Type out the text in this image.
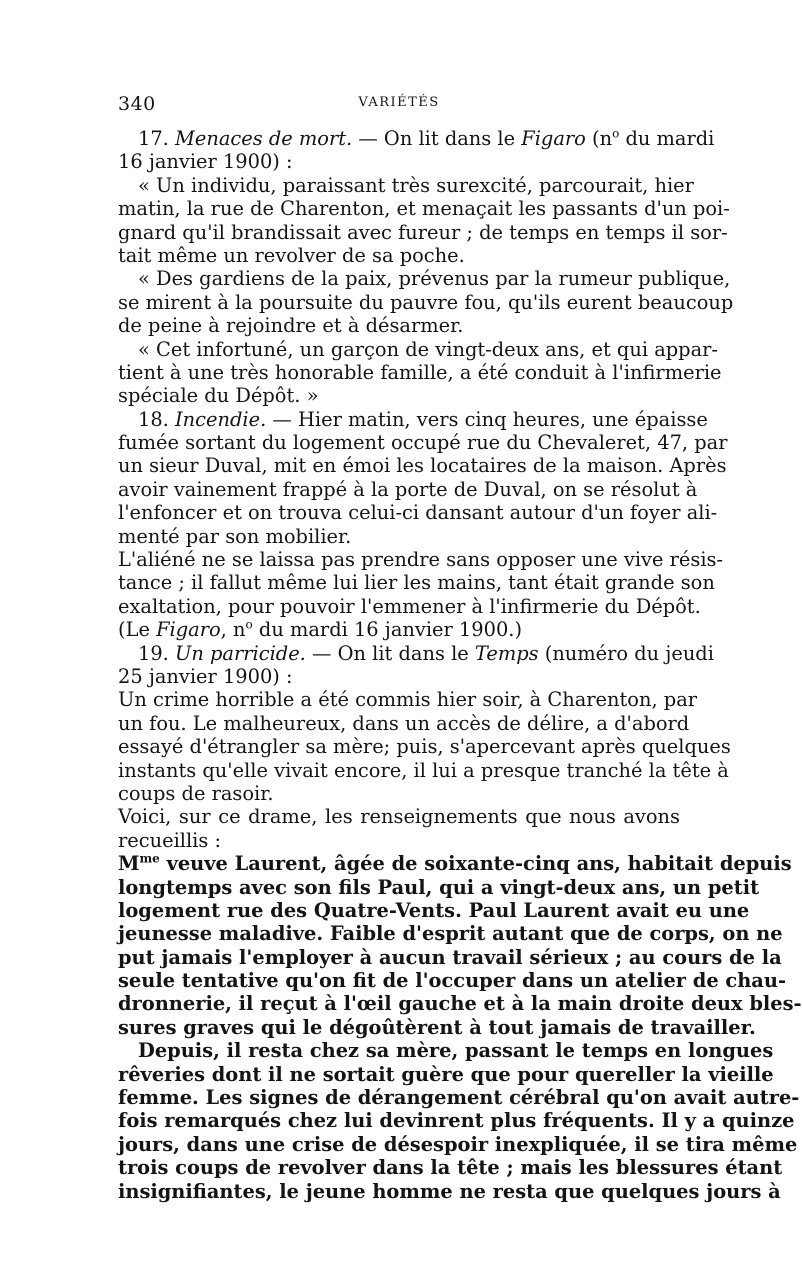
340	VARIÉTÉS
17. Menaces de mort. — On lit dans le Figaro ($n^o$ du mardi
16 janvier 1900) :
« Un individu, paraissant très surexcité, parcourait, hier
matin, la rue de Charenton, et menaçait les passants d'un poi-
gnard qu'il brandissait avec fureur ; de temps en temps il sor-
tait même un revolver de sa poche.
« Des gardiens de la paix, prévenus par la rumeur publique,
se mirent à la poursuite du pauvre fou, qu'ils eurent beaucoup
de peine à rejoindre et à désarmer.
« Cet infortuné, un garçon de vingt-deux ans, et qui appar-
tient à une très honorable famille, a été conduit à l'infirmerie
spéciale du Dépôt. »
18. Incendie. — Hier matin, vers cinq heures, une épaisse
fumée sortant du logement occupé rue du Chevaleret, 47, par
un sieur Duval, mit en émoi les locataires de la maison. Après
avoir vainement frappé à la porte de Duval, on se résolut à
l'enfoncer et on trouva celui-ci dansant autour d'un foyer ali-
menté par son mobilier.
L'aliéné ne se laissa pas prendre sans opposer une vive résis-
tance ; il fallut même lui lier les mains, tant était grande son
exaltation, pour pouvoir l'emmener à l'infirmerie du Dépôt.
(Le Figaro, $n^o$ du mardi 16 janvier 1900.)
19. Un parricide. — On lit dans le Temps (numéro du jeudi
25 janvier 1900) :
Un crime horrible a été commis hier soir, à Charenton, par
un fou. Le malheureux, dans un accès de délire, a d'abord
essayé d'étrangler sa mère; puis, s'apercevant après quelques
instants qu'elle vivait encore, il lui a presque tranché la tête à
coups de rasoir.
Voici, sur ce drame, les renseignements que nous avons
recueillis :
$M^{me}$ veuve Laurent, âgée de soixante-cinq ans, habitait depuis
longtemps avec son fils Paul, qui a vingt-deux ans, un petit
logement rue des Quatre-Vents. Paul Laurent avait eu une
jeunesse maladive. Faible d'esprit autant que de corps, on ne
put jamais l'employer à aucun travail sérieux ; au cours de la
seule tentative qu'on fit de l'occuper dans un atelier de chau-
dronnerie, il reçut à l'œil gauche et à la main droite deux bles-
sures graves qui le dégoûtèrent à tout jamais de travailler.
Depuis, il resta chez sa mère, passant le temps en longues
rêveries dont il ne sortait guère que pour quereller la vieille
femme. Les signes de dérangement cérébral qu'on avait autre-
fois remarqués chez lui devinrent plus fréquents. Il y a quinze
jours, dans une crise de désespoir inexpliquée, il se tira même
trois coups de revolver dans la tête ; mais les blessures étant
insignifiantes, le jeune homme ne resta que quelques jours à
